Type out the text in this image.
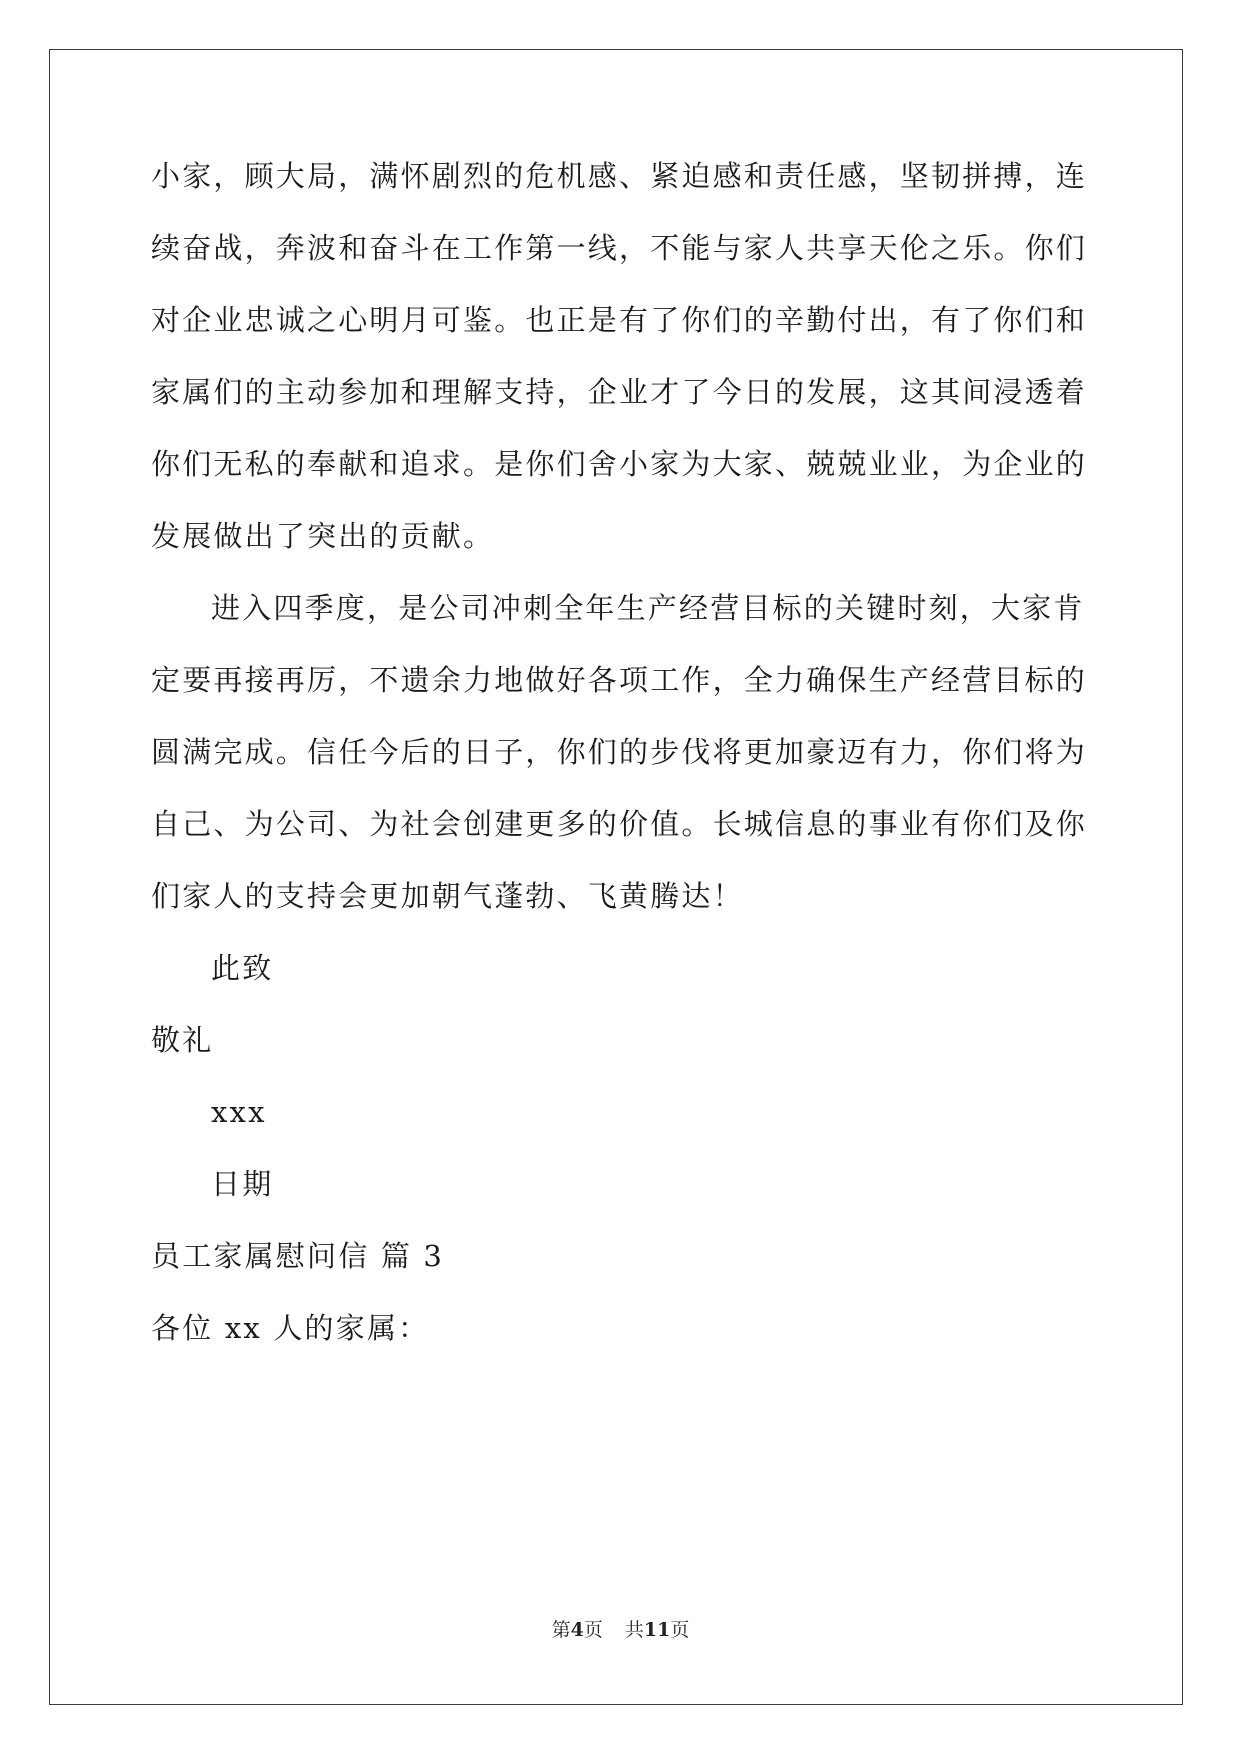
小家，顾大局，满怀剧烈的危机感、紧迫感和责任感，坚韧拼搏，连
续奋战，奔波和奋斗在工作第一线，不能与家人共享天伦之乐。你们
对企业忠诚之心明月可鉴。也正是有了你们的辛勤付出，有了你们和
家属们的主动参加和理解支持，企业才了今日的发展，这其间浸透着
你们无私的奉献和追求。是你们舍小家为大家、兢兢业业，为企业的
发展做出了突出的贡献。
进入四季度，是公司冲刺全年生产经营目标的关键时刻，大家肯
定要再接再厉，不遗余力地做好各项工作，全力确保生产经营目标的
圆满完成。信任今后的日子，你们的步伐将更加豪迈有力，你们将为
自己、为公司、为社会创建更多的价值。长城信息的事业有你们及你
们家人的支持会更加朝气蓬勃、飞黄腾达！
此致
敬礼
xxx
日期
员工家属慰问信 篇 3
各位 xx 人的家属：
第4页 共11页
